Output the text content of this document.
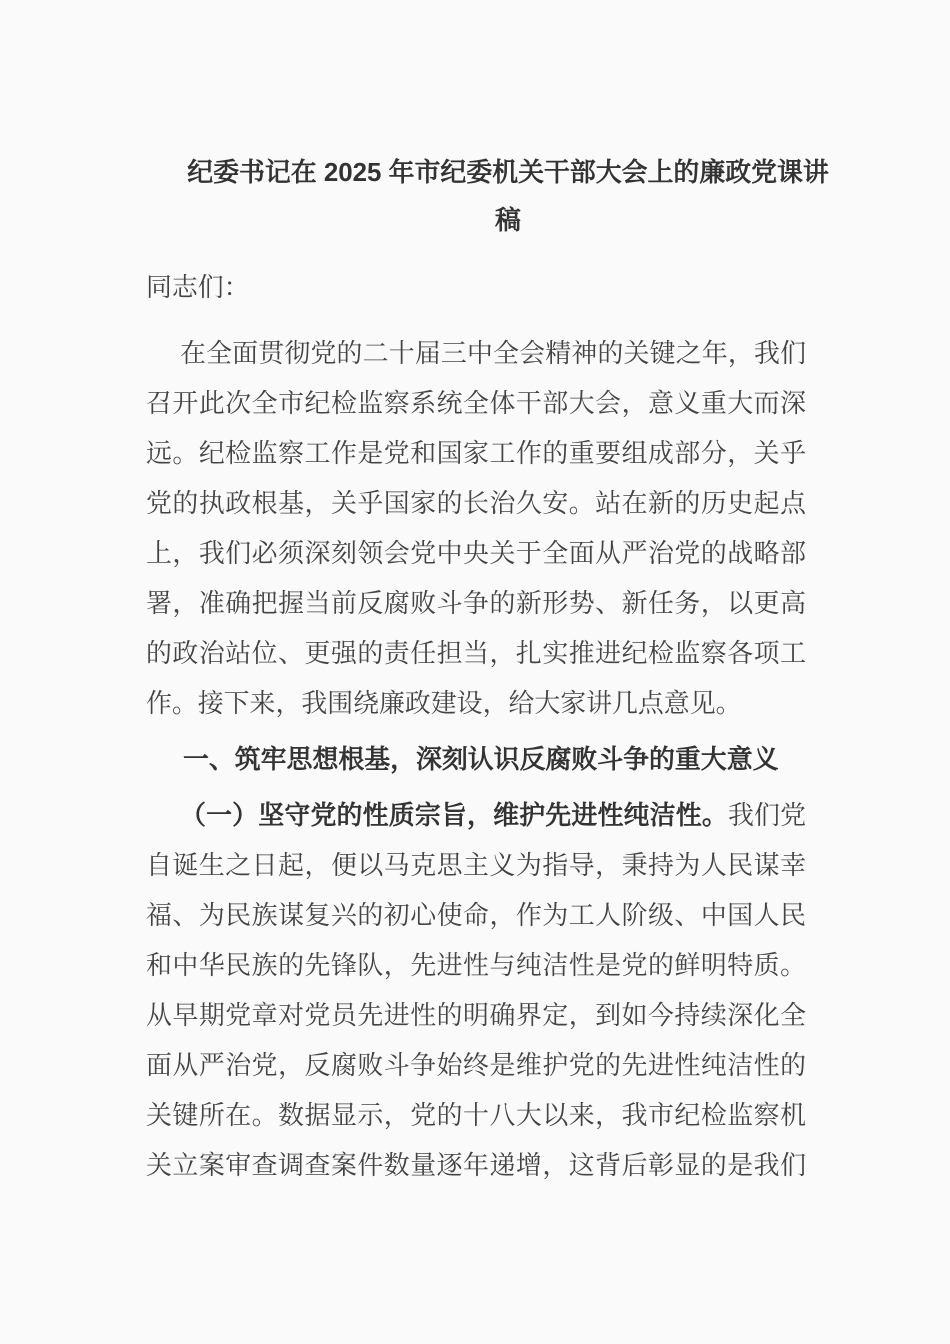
纪委书记在 2025 年市纪委机关干部大会上的廉政党课讲
稿
同志们：
在全面贯彻党的二十届三中全会精神的关键之年，我们
召开此次全市纪检监察系统全体干部大会，意义重大而深
远。纪检监察工作是党和国家工作的重要组成部分，关乎
党的执政根基，关乎国家的长治久安。站在新的历史起点
上，我们必须深刻领会党中央关于全面从严治党的战略部
署，准确把握当前反腐败斗争的新形势、新任务，以更高
的政治站位、更强的责任担当，扎实推进纪检监察各项工
作。接下来，我围绕廉政建设，给大家讲几点意见。
一、筑牢思想根基，深刻认识反腐败斗争的重大意义
（一）坚守党的性质宗旨，维护先进性纯洁性。我们党
自诞生之日起，便以马克思主义为指导，秉持为人民谋幸
福、为民族谋复兴的初心使命，作为工人阶级、中国人民
和中华民族的先锋队，先进性与纯洁性是党的鲜明特质。
从早期党章对党员先进性的明确界定，到如今持续深化全
面从严治党，反腐败斗争始终是维护党的先进性纯洁性的
关键所在。数据显示，党的十八大以来，我市纪检监察机
关立案审查调查案件数量逐年递增，这背后彰显的是我们
